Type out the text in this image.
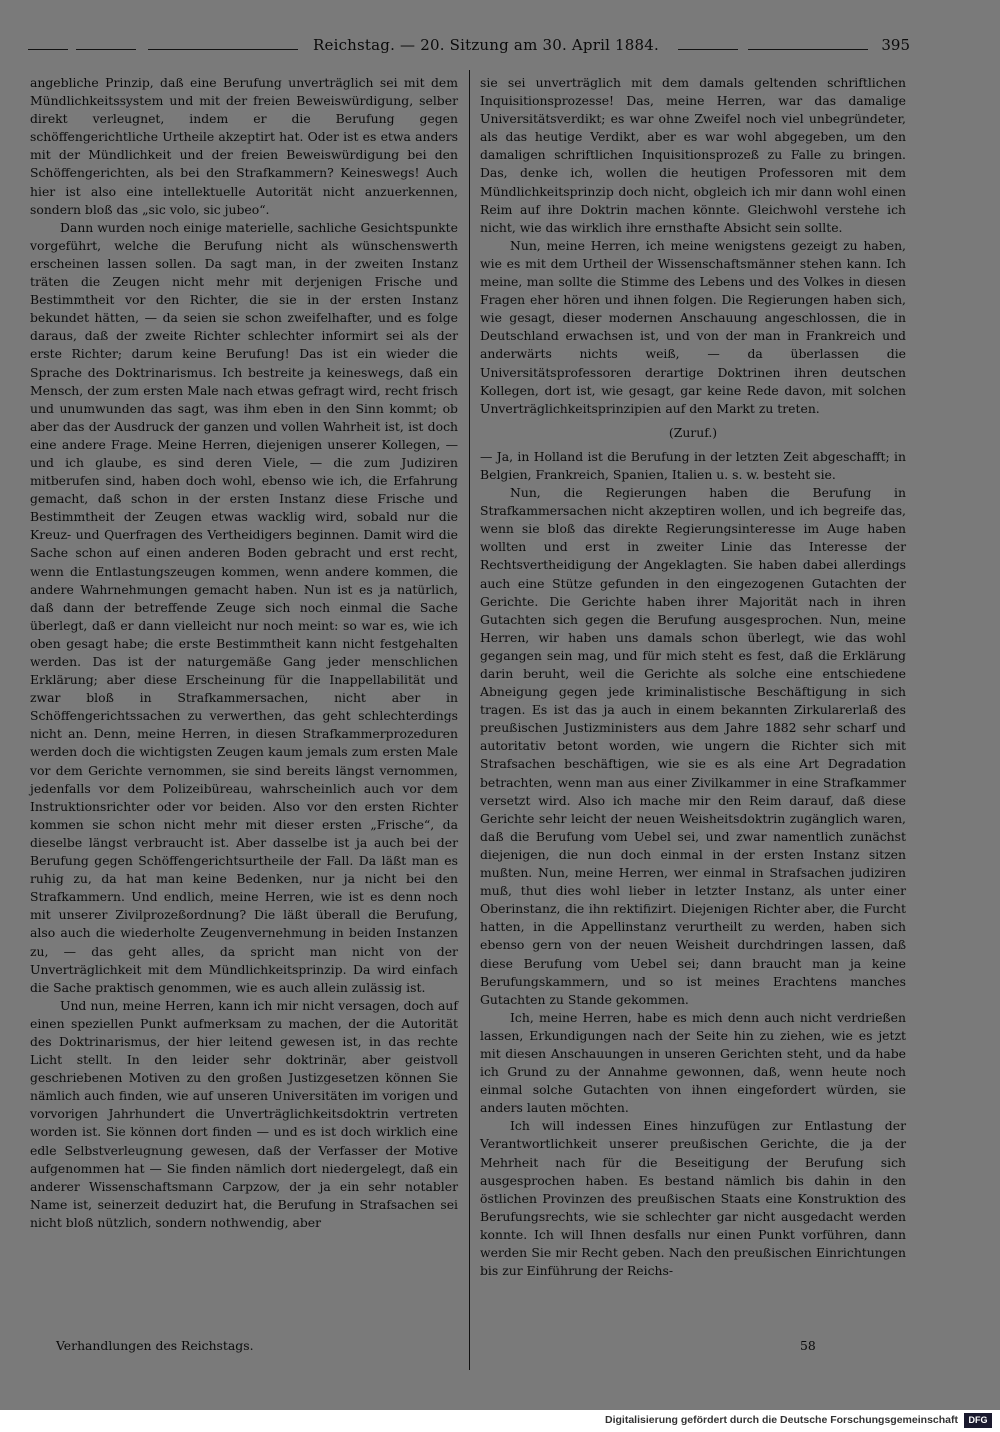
Reichstag. — 20. Sitzung am 30. April 1884.	395

angebliche Prinzip, daß eine Berufung unverträglich sei mit dem Mündlichkeitssystem und mit der freien Beweiswürdigung, selber direkt verleugnet, indem er die Berufung gegen schöffengerichtliche Urtheile akzeptirt hat. Oder ist es etwa anders mit der Mündlichkeit und der freien Beweiswürdigung bei den Schöffengerichten, als bei den Strafkammern? Keineswegs! Auch hier ist also eine intellektuelle Autorität nicht anzuerkennen, sondern bloß das „sic volo, sic jubeo“.

Dann wurden noch einige materielle, sachliche Gesichtspunkte vorgeführt, welche die Berufung nicht als wünschenswerth erscheinen lassen sollen. Da sagt man, in der zweiten Instanz träten die Zeugen nicht mehr mit derjenigen Frische und Bestimmtheit vor den Richter, die sie in der ersten Instanz bekundet hätten, — da seien sie schon zweifelhafter, und es folge daraus, daß der zweite Richter schlechter informirt sei als der erste Richter; darum keine Berufung! Das ist ein wieder die Sprache des Doktrinarismus. Ich bestreite ja keineswegs, daß ein Mensch, der zum ersten Male nach etwas gefragt wird, recht frisch und unumwunden das sagt, was ihm eben in den Sinn kommt; ob aber das der Ausdruck der ganzen und vollen Wahrheit ist, ist doch eine andere Frage. Meine Herren, diejenigen unserer Kollegen, — und ich glaube, es sind deren Viele, — die zum Judiziren mitberufen sind, haben doch wohl, ebenso wie ich, die Erfahrung gemacht, daß schon in der ersten Instanz diese Frische und Bestimmtheit der Zeugen etwas wacklig wird, sobald nur die Kreuz- und Querfragen des Vertheidigers beginnen. Damit wird die Sache schon auf einen anderen Boden gebracht und erst recht, wenn die Entlastungszeugen kommen, wenn andere kommen, die andere Wahrnehmungen gemacht haben. Nun ist es ja natürlich, daß dann der betreffende Zeuge sich noch einmal die Sache überlegt, daß er dann vielleicht nur noch meint: so war es, wie ich oben gesagt habe; die erste Bestimmtheit kann nicht festgehalten werden. Das ist der naturgemäße Gang jeder menschlichen Erklärung; aber diese Erscheinung für die Inappellabilität und zwar bloß in Strafkammersachen, nicht aber in Schöffengerichtssachen zu verwerthen, das geht schlechterdings nicht an. Denn, meine Herren, in diesen Strafkammerprozeduren werden doch die wichtigsten Zeugen kaum jemals zum ersten Male vor dem Gerichte vernommen, sie sind bereits längst vernommen, jedenfalls vor dem Polizeibüreau, wahrscheinlich auch vor dem Instruktionsrichter oder vor beiden. Also vor den ersten Richter kommen sie schon nicht mehr mit dieser ersten „Frische“, da dieselbe längst verbraucht ist. Aber dasselbe ist ja auch bei der Berufung gegen Schöffengerichtsurtheile der Fall. Da läßt man es ruhig zu, da hat man keine Bedenken, nur ja nicht bei den Strafkammern. Und endlich, meine Herren, wie ist es denn noch mit unserer Zivilprozeßordnung? Die läßt überall die Berufung, also auch die wiederholte Zeugenvernehmung in beiden Instanzen zu, — das geht alles, da spricht man nicht von der Unverträglichkeit mit dem Mündlichkeitsprinzip. Da wird einfach die Sache praktisch genommen, wie es auch allein zulässig ist.

Und nun, meine Herren, kann ich mir nicht versagen, doch auf einen speziellen Punkt aufmerksam zu machen, der die Autorität des Doktrinarismus, der hier leitend gewesen ist, in das rechte Licht stellt. In den leider sehr doktrinär, aber geistvoll geschriebenen Motiven zu den großen Justizgesetzen können Sie nämlich auch finden, wie auf unseren Universitäten im vorigen und vorvorigen Jahrhundert die Unverträglichkeitsdoktrin vertreten worden ist. Sie können dort finden — und es ist doch wirklich eine edle Selbstverleugnung gewesen, daß der Verfasser der Motive aufgenommen hat — Sie finden nämlich dort niedergelegt, daß ein anderer Wissenschaftsmann Carpzow, der ja ein sehr notabler Name ist, seinerzeit deduzirt hat, die Berufung in Strafsachen sei nicht bloß nützlich, sondern nothwendig, aber

sie sei unverträglich mit dem damals geltenden schriftlichen Inquisitionsprozesse! Das, meine Herren, war das damalige Universitätsverdikt; es war ohne Zweifel noch viel unbegründeter, als das heutige Verdikt, aber es war wohl abgegeben, um den damaligen schriftlichen Inquisitionsprozeß zu Falle zu bringen. Das, denke ich, wollen die heutigen Professoren mit dem Mündlichkeitsprinzip doch nicht, obgleich ich mir dann wohl einen Reim auf ihre Doktrin machen könnte. Gleichwohl verstehe ich nicht, wie das wirklich ihre ernsthafte Absicht sein sollte.

Nun, meine Herren, ich meine wenigstens gezeigt zu haben, wie es mit dem Urtheil der Wissenschaftsmänner stehen kann. Ich meine, man sollte die Stimme des Lebens und des Volkes in diesen Fragen eher hören und ihnen folgen. Die Regierungen haben sich, wie gesagt, dieser modernen Anschauung angeschlossen, die in Deutschland erwachsen ist, und von der man in Frankreich und anderwärts nichts weiß, — da überlassen die Universitätsprofessoren derartige Doktrinen ihren deutschen Kollegen, dort ist, wie gesagt, gar keine Rede davon, mit solchen Unverträglichkeitsprinzipien auf den Markt zu treten.

(Zuruf.)

— Ja, in Holland ist die Berufung in der letzten Zeit abgeschafft; in Belgien, Frankreich, Spanien, Italien u. s. w. besteht sie.

Nun, die Regierungen haben die Berufung in Strafkammersachen nicht akzeptiren wollen, und ich begreife das, wenn sie bloß das direkte Regierungsinteresse im Auge haben wollten und erst in zweiter Linie das Interesse der Rechtsvertheidigung der Angeklagten. Sie haben dabei allerdings auch eine Stütze gefunden in den eingezogenen Gutachten der Gerichte. Die Gerichte haben ihrer Majorität nach in ihren Gutachten sich gegen die Berufung ausgesprochen. Nun, meine Herren, wir haben uns damals schon überlegt, wie das wohl gegangen sein mag, und für mich steht es fest, daß die Erklärung darin beruht, weil die Gerichte als solche eine entschiedene Abneigung gegen jede kriminalistische Beschäftigung in sich tragen. Es ist das ja auch in einem bekannten Zirkularerlaß des preußischen Justizministers aus dem Jahre 1882 sehr scharf und autoritativ betont worden, wie ungern die Richter sich mit Strafsachen beschäftigen, wie sie es als eine Art Degradation betrachten, wenn man aus einer Zivilkammer in eine Strafkammer versetzt wird. Also ich mache mir den Reim darauf, daß diese Gerichte sehr leicht der neuen Weisheitsdoktrin zugänglich waren, daß die Berufung vom Uebel sei, und zwar namentlich zunächst diejenigen, die nun doch einmal in der ersten Instanz sitzen mußten. Nun, meine Herren, wer einmal in Strafsachen judiziren muß, thut dies wohl lieber in letzter Instanz, als unter einer Oberinstanz, die ihn rektifizirt. Diejenigen Richter aber, die Furcht hatten, in die Appellinstanz verurtheilt zu werden, haben sich ebenso gern von der neuen Weisheit durchdringen lassen, daß diese Berufung vom Uebel sei; dann braucht man ja keine Berufungskammern, und so ist meines Erachtens manches Gutachten zu Stande gekommen.

Ich, meine Herren, habe es mich denn auch nicht verdrießen lassen, Erkundigungen nach der Seite hin zu ziehen, wie es jetzt mit diesen Anschauungen in unseren Gerichten steht, und da habe ich Grund zu der Annahme gewonnen, daß, wenn heute noch einmal solche Gutachten von ihnen eingefordert würden, sie anders lauten möchten.

Ich will indessen Eines hinzufügen zur Entlastung der Verantwortlichkeit unserer preußischen Gerichte, die ja der Mehrheit nach für die Beseitigung der Berufung sich ausgesprochen haben. Es bestand nämlich bis dahin in den östlichen Provinzen des preußischen Staats eine Konstruktion des Berufungsrechts, wie sie schlechter gar nicht ausgedacht werden konnte. Ich will Ihnen desfalls nur einen Punkt vorführen, dann werden Sie mir Recht geben. Nach den preußischen Einrichtungen bis zur Einführung der Reichs-

Verhandlungen des Reichstags.	58
Digitalisierung gefördert durch die Deutsche Forschungsgemeinschaft	DFG
